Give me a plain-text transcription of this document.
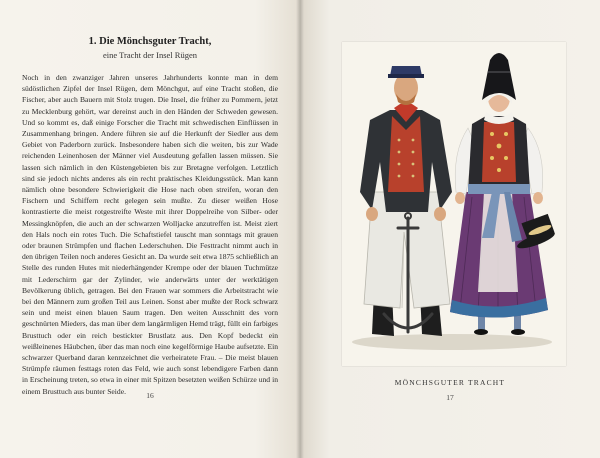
1. Die Mönchsguter Tracht,
eine Tracht der Insel Rügen

Noch in den zwanziger Jahren unseres Jahrhunderts konnte man in dem südöstlichen Zipfel der Insel Rügen, dem Mönchgut, auf eine Tracht stoßen, die Fischer, aber auch Bauern mit Stolz trugen. Die Insel, die früher zu Pommern, jetzt zu Mecklenburg gehört, war dereinst auch in den Händen der Schweden gewesen. Und so kommt es, daß einige Forscher die Tracht mit schwedischen Einflüssen in Zusammenhang bringen. Andere führen sie auf die Herkunft der Siedler aus dem Gebiet von Paderborn zurück. Insbesondere haben sich die weiten, bis zur Wade reichenden Leinenhosen der Männer viel Ausdeutung gefallen lassen müssen. Sie lassen sich nämlich in den Küstengebieten bis zur Bretagne verfolgen. Letztlich sind sie jedoch nichts anderes als ein recht praktisches Kleidungsstück. Man kann nämlich ohne besondere Schwierigkeit die Hose nach oben streifen, woran den Fischern und Schiffern recht gelegen sein mußte. Zu dieser weißen Hose kontrastierte die meist rotgestreifte Weste mit ihrer Doppelreihe von Silber- oder Messingknöpfen, die auch an der schwarzen Wolljacke anzutreffen ist. Meist ziert den Hals noch ein rotes Tuch. Die Schaftstiefel tauscht man sonntags mit grauen oder braunen Strümpfen und flachen Lederschuhen. Die Festtracht nimmt auch in den übrigen Teilen noch anderes Gesicht an. Da wurde seit etwa 1875 schließlich an Stelle des runden Hutes mit niederhängender Krempe oder der blauen Tuchmütze mit Lederschirm gar der Zylinder, wie anderwärts unter der werktätigen Bevölkerung üblich, getragen. Bei den Frauen war sommers die Arbeitstracht wie bei den Männern zum großen Teil aus Leinen. Sonst aber mußte der Rock schwarz sein und meist einen blauen Saum tragen. Den weiten Ausschnitt des vorn geschnürten Mieders, das man über dem langärmligen Hemd trägt, füllt ein farbiges Brusttuch oder ein reich bestickter Brustlatz aus. Den Kopf bedeckt ein weißleinenes Häubchen, über das man noch eine kegelförmige Haube aufsetzte. Ein schwarzer Querband daran kennzeichnet die verheiratete Frau. – Die meist blauen Strümpfe räumen festtags roten das Feld, wie auch sonst lebendigere Farben dann in Erscheinung treten, so etwa in einer mit Spitzen besetzten weißen Schürze und in einem Brusttuch aus bunter Seide.	16
MÖNCHSGUTER TRACHT
17
